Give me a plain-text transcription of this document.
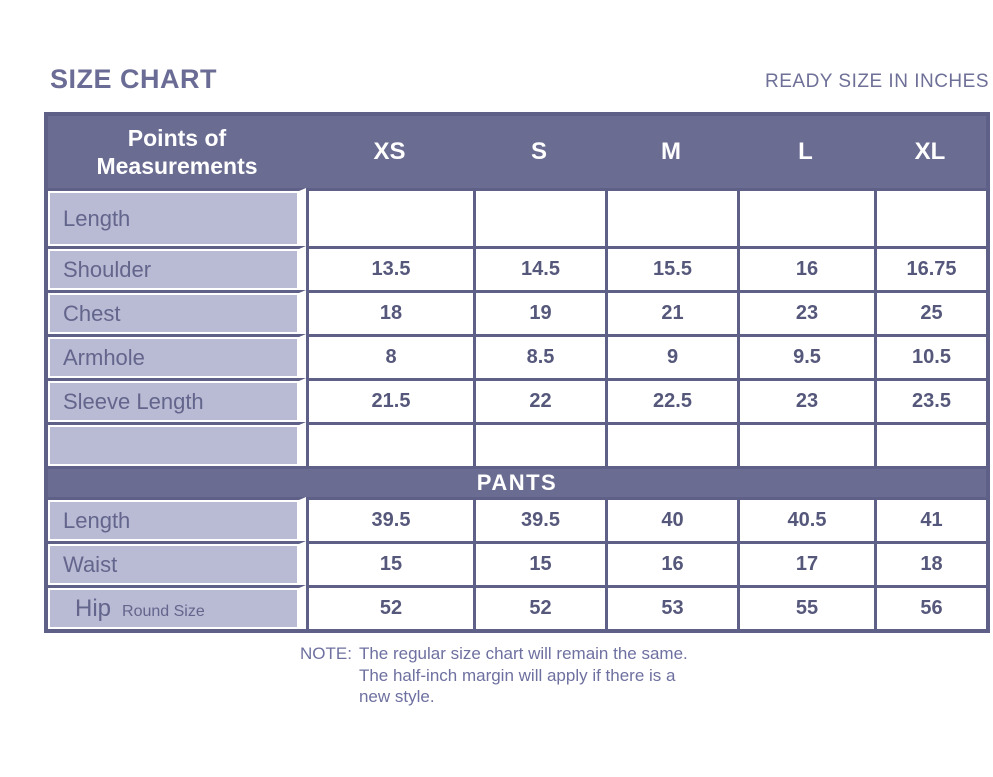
SIZE CHART	READY SIZE IN INCHES
Points of Measurements	XS	S	M	L	XL
Length					
Shoulder	13.5	14.5	15.5	16	16.75
Chest	18	19	21	23	25
Armhole	8	8.5	9	9.5	10.5
Sleeve Length	21.5	22	22.5	23	23.5

PANTS					
Length	39.5	39.5	40	40.5	41
Waist	15	15	16	17	18
Hip Round Size	52	52	53	55	56
NOTE: The regular size chart will remain the same.
The half-inch margin will apply if there is a
new style.
